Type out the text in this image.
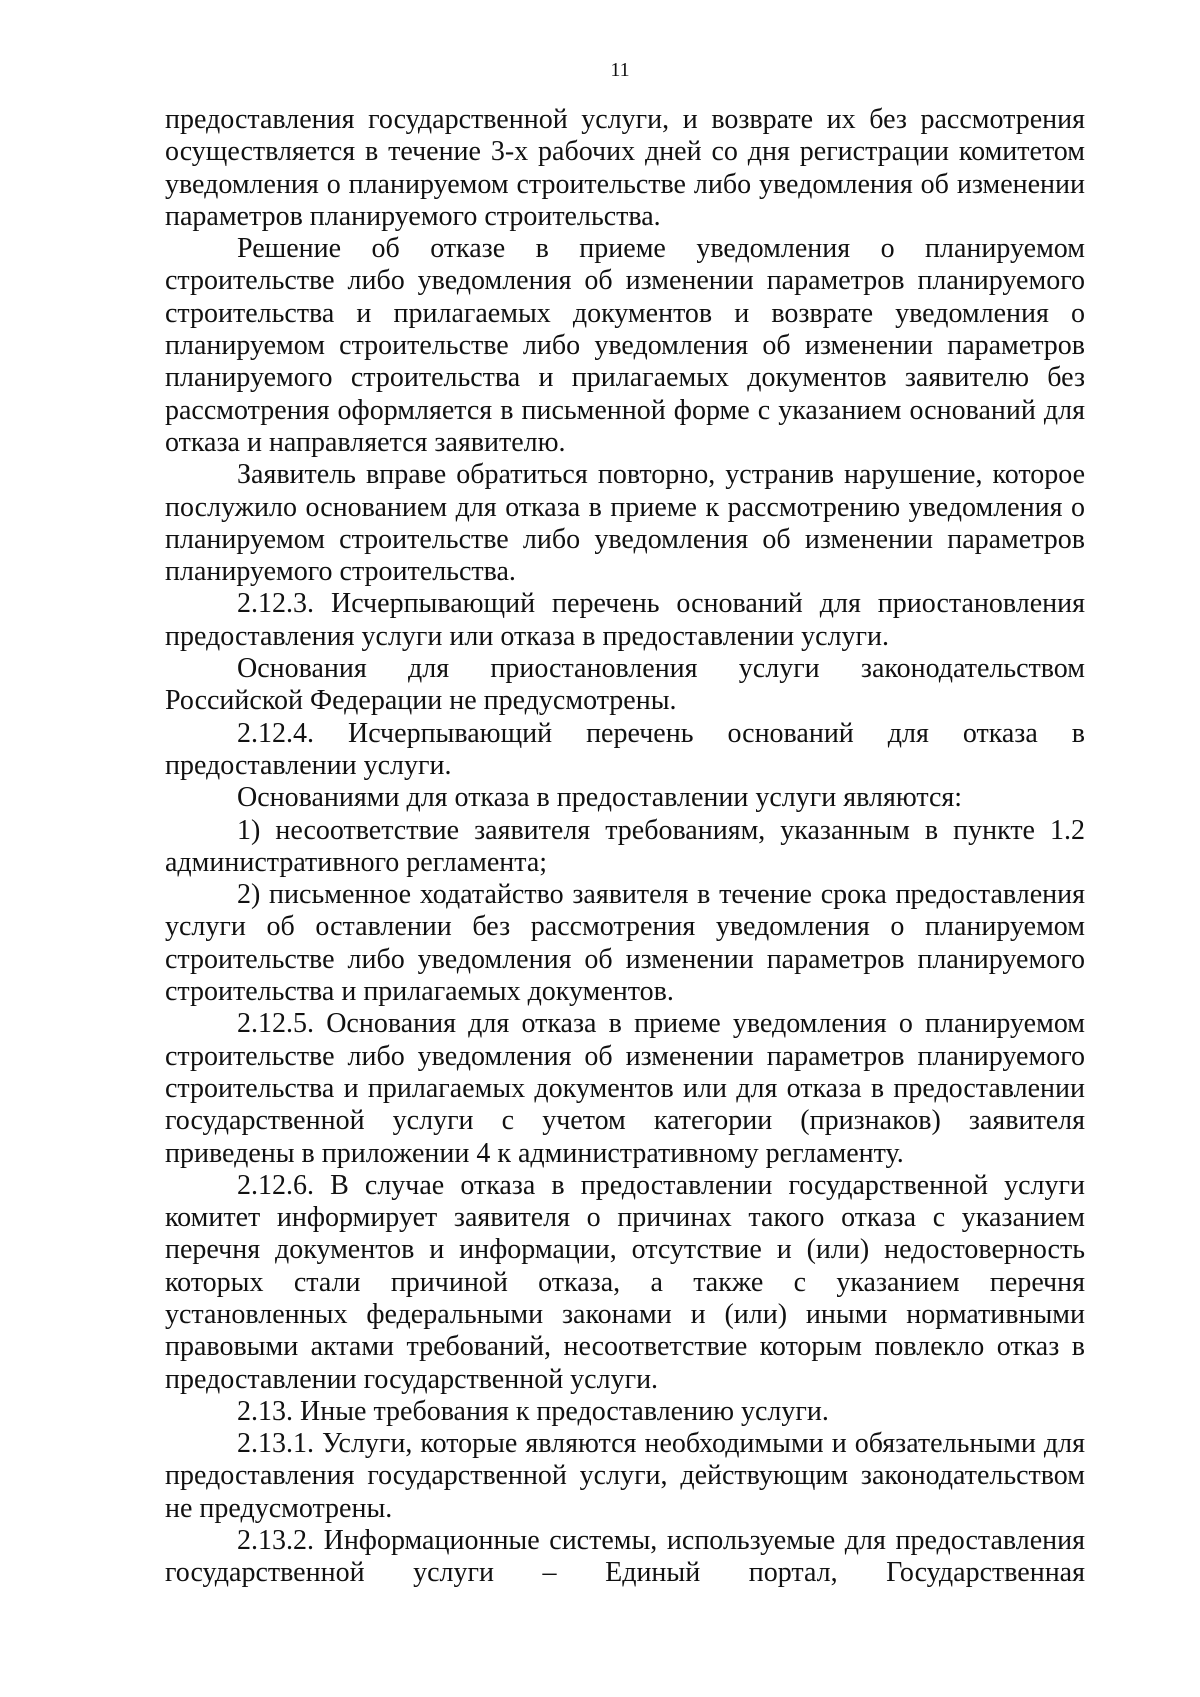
11

предоставления государственной услуги, и возврате их без рассмотрения осуществляется в течение 3-х рабочих дней со дня регистрации комитетом уведомления о планируемом строительстве либо уведомления об изменении параметров планируемого строительства.

Решение об отказе в приеме уведомления о планируемом строительстве либо уведомления об изменении параметров планируемого строительства и прилагаемых документов и возврате уведомления о планируемом строительстве либо уведомления об изменении параметров планируемого строительства и прилагаемых документов заявителю без рассмотрения оформляется в письменной форме с указанием оснований для отказа и направляется заявителю.

Заявитель вправе обратиться повторно, устранив нарушение, которое послужило основанием для отказа в приеме к рассмотрению уведомления о планируемом строительстве либо уведомления об изменении параметров планируемого строительства.

2.12.3. Исчерпывающий перечень оснований для приостановления предоставления услуги или отказа в предоставлении услуги.

Основания для приостановления услуги законодательством Российской Федерации не предусмотрены.

2.12.4. Исчерпывающий перечень оснований для отказа в предоставлении услуги.

Основаниями для отказа в предоставлении услуги являются:

1) несоответствие заявителя требованиям, указанным в пункте 1.2 административного регламента;

2) письменное ходатайство заявителя в течение срока предоставления услуги об оставлении без рассмотрения уведомления о планируемом строительстве либо уведомления об изменении параметров планируемого строительства и прилагаемых документов.

2.12.5. Основания для отказа в приеме уведомления о планируемом строительстве либо уведомления об изменении параметров планируемого строительства и прилагаемых документов или для отказа в предоставлении государственной услуги с учетом категории (признаков) заявителя приведены в приложении 4 к административному регламенту.

2.12.6. В случае отказа в предоставлении государственной услуги комитет информирует заявителя о причинах такого отказа с указанием перечня документов и информации, отсутствие и (или) недостоверность которых стали причиной отказа, а также с указанием перечня установленных федеральными законами и (или) иными нормативными правовыми актами требований, несоответствие которым повлекло отказ в предоставлении государственной услуги.

2.13. Иные требования к предоставлению услуги.

2.13.1. Услуги, которые являются необходимыми и обязательными для предоставления государственной услуги, действующим законодательством не предусмотрены.

2.13.2. Информационные системы, используемые для предоставления государственной услуги – Единый портал, Государственная
